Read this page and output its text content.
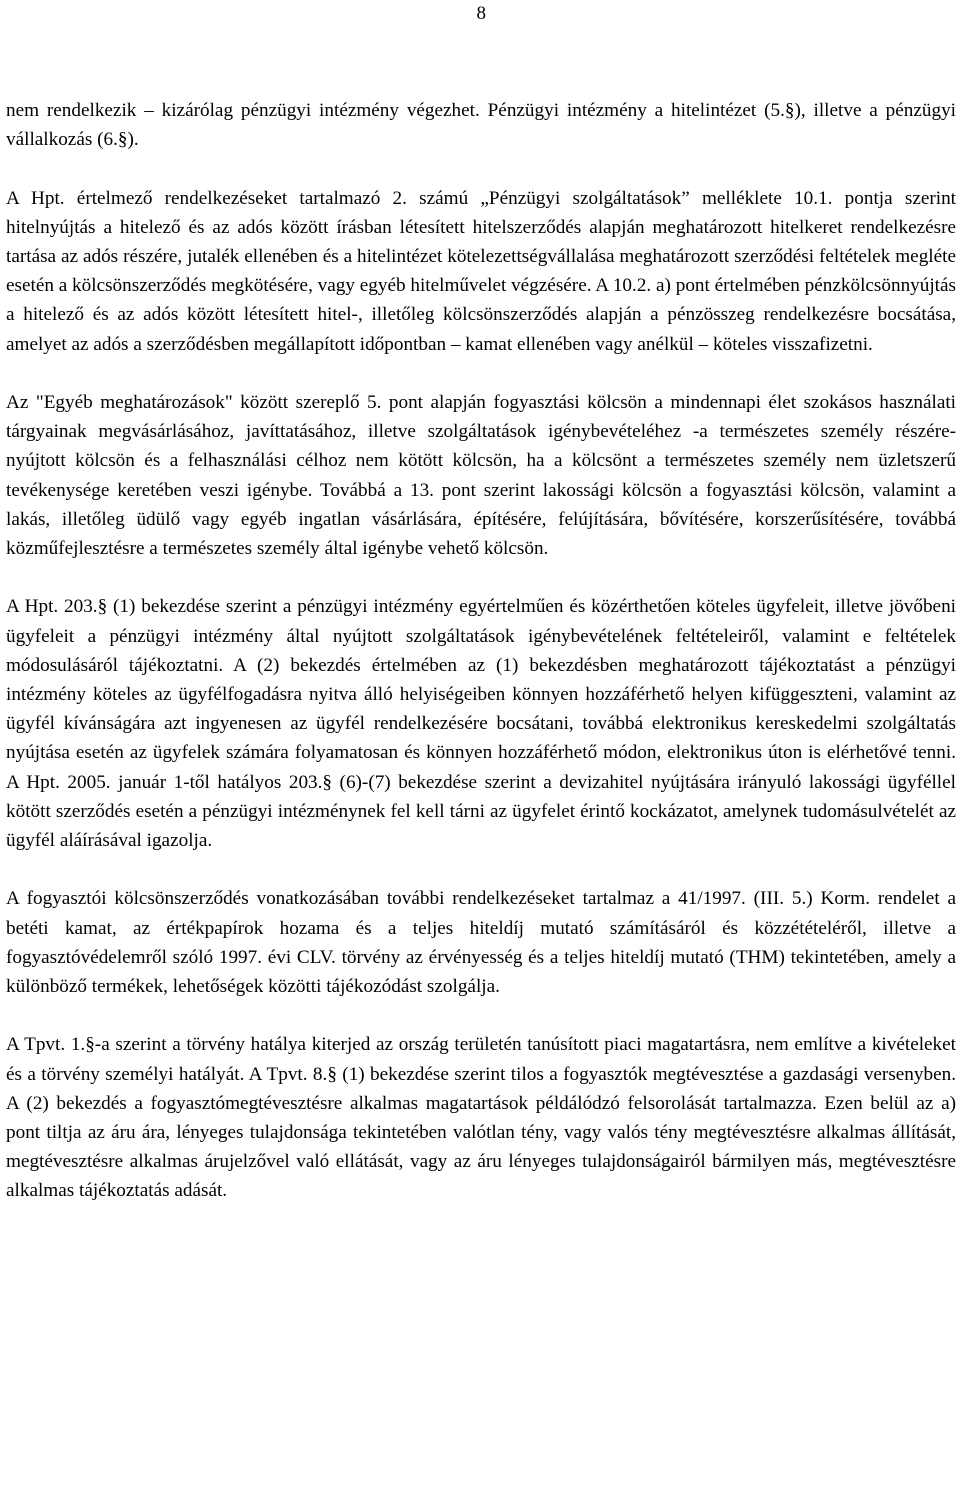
8

nem rendelkezik – kizárólag pénzügyi intézmény végezhet. Pénzügyi intézmény a hitelintézet (5.§), illetve a pénzügyi vállalkozás (6.§).

A Hpt. értelmező rendelkezéseket tartalmazó 2. számú „Pénzügyi szolgáltatások” melléklete 10.1. pontja szerint hitelnyújtás a hitelező és az adós között írásban létesített hitelszerződés alapján meghatározott hitelkeret rendelkezésre tartása az adós részére, jutalék ellenében és a hitelintézet kötelezettségvállalása meghatározott szerződési feltételek megléte esetén a kölcsönszerződés megkötésére, vagy egyéb hitelművelet végzésére. A 10.2. a) pont értelmében pénzkölcsönnyújtás a hitelező és az adós között létesített hitel-, illetőleg kölcsönszerződés alapján a pénzösszeg rendelkezésre bocsátása, amelyet az adós a szerződésben megállapított időpontban – kamat ellenében vagy anélkül – köteles visszafizetni.

Az "Egyéb meghatározások" között szereplő 5. pont alapján fogyasztási kölcsön a mindennapi élet szokásos használati tárgyainak megvásárlásához, javíttatásához, illetve szolgáltatások igénybevételéhez -a természetes személy részére- nyújtott kölcsön és a felhasználási célhoz nem kötött kölcsön, ha a kölcsönt a természetes személy nem üzletszerű tevékenysége keretében veszi igénybe. Továbbá a 13. pont szerint lakossági kölcsön a fogyasztási kölcsön, valamint a lakás, illetőleg üdülő vagy egyéb ingatlan vásárlására, építésére, felújítására, bővítésére, korszerűsítésére, továbbá közműfejlesztésre a természetes személy által igénybe vehető kölcsön.

A Hpt. 203.§ (1) bekezdése szerint a pénzügyi intézmény egyértelműen és közérthetően köteles ügyfeleit, illetve jövőbeni ügyfeleit a pénzügyi intézmény által nyújtott szolgáltatások igénybevételének feltételeiről, valamint e feltételek módosulásáról tájékoztatni. A (2) bekezdés értelmében az (1) bekezdésben meghatározott tájékoztatást a pénzügyi intézmény köteles az ügyfélfogadásra nyitva álló helyiségeiben könnyen hozzáférhető helyen kifüggeszteni, valamint az ügyfél kívánságára azt ingyenesen az ügyfél rendelkezésére bocsátani, továbbá elektronikus kereskedelmi szolgáltatás nyújtása esetén az ügyfelek számára folyamatosan és könnyen hozzáférhető módon, elektronikus úton is elérhetővé tenni. A Hpt. 2005. január 1-től hatályos 203.§ (6)-(7) bekezdése szerint a devizahitel nyújtására irányuló lakossági ügyféllel kötött szerződés esetén a pénzügyi intézménynek fel kell tárni az ügyfelet érintő kockázatot, amelynek tudomásulvételét az ügyfél aláírásával igazolja.

A fogyasztói kölcsönszerződés vonatkozásában további rendelkezéseket tartalmaz a 41/1997. (III. 5.) Korm. rendelet a betéti kamat, az értékpapírok hozama és a teljes hiteldíj mutató számításáról és közzétételéről, illetve a fogyasztóvédelemről szóló 1997. évi CLV. törvény az érvényesség és a teljes hiteldíj mutató (THM) tekintetében, amely a különböző termékek, lehetőségek közötti tájékozódást szolgálja.

A Tpvt. 1.§-a szerint a törvény hatálya kiterjed az ország területén tanúsított piaci magatartásra, nem említve a kivételeket és a törvény személyi hatályát. A Tpvt. 8.§ (1) bekezdése szerint tilos a fogyasztók megtévesztése a gazdasági versenyben. A (2) bekezdés a fogyasztómegtévesztésre alkalmas magatartások példálódzó felsorolását tartalmazza. Ezen belül az a) pont tiltja az áru ára, lényeges tulajdonsága tekintetében valótlan tény, vagy valós tény megtévesztésre alkalmas állítását, megtévesztésre alkalmas árujelzővel való ellátását, vagy az áru lényeges tulajdonságairól bármilyen más, megtévesztésre alkalmas tájékoztatás adását.
